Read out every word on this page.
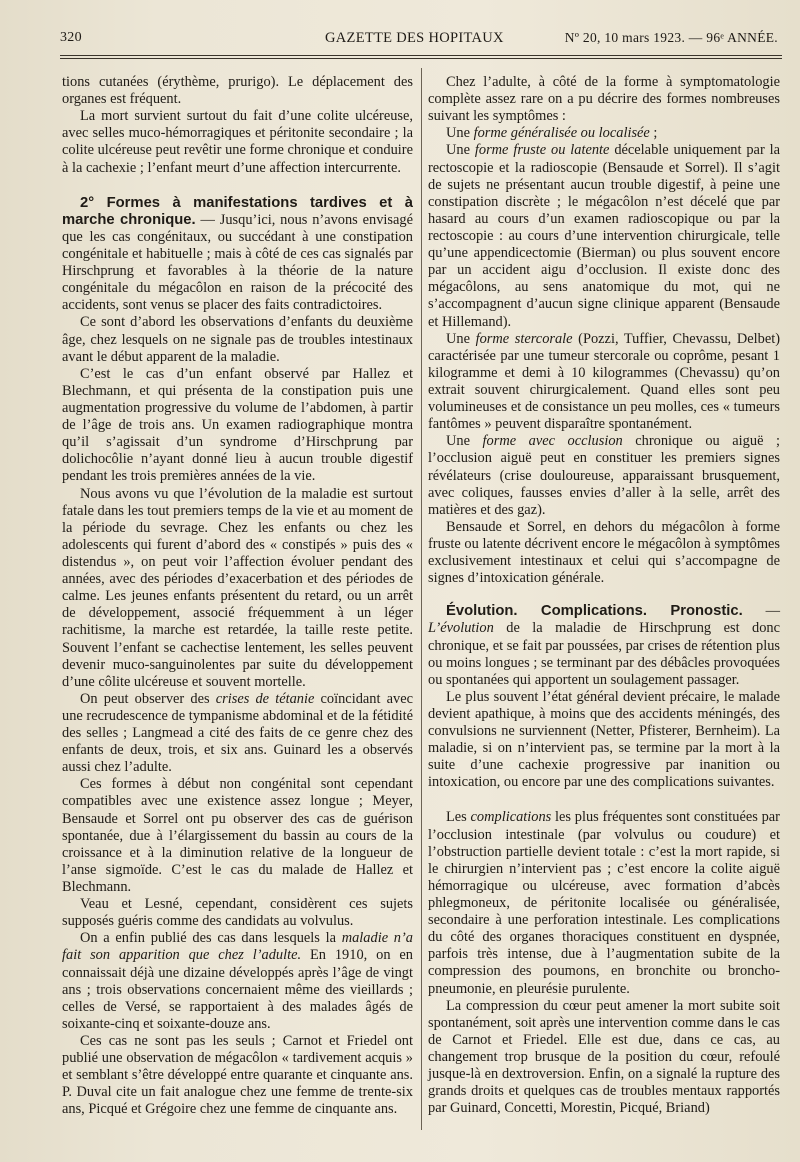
320	GAZETTE DES HOPITAUX	Nº 20, 10 mars 1923. — 96ᵉ ANNÉE.

tions cutanées (érythème, prurigo). Le déplacement des organes est fréquent.

La mort survient surtout du fait d’une colite ulcéreuse, avec selles muco-hémorragiques et péritonite secondaire ; la colite ulcéreuse peut revêtir une forme chronique et conduire à la cachexie ; l’enfant meurt d’une affection intercurrente.

2° Formes à manifestations tardives et à marche chronique. — Jusqu’ici, nous n’avons envisagé que les cas congénitaux, ou succédant à une constipation congénitale et habituelle ; mais à côté de ces cas signalés par Hirschprung et favorables à la théorie de la nature congénitale du mégacôlon en raison de la précocité des accidents, sont venus se placer des faits contradictoires.

Ce sont d’abord les observations d’enfants du deuxième âge, chez lesquels on ne signale pas de troubles intestinaux avant le début apparent de la maladie.

C’est le cas d’un enfant observé par Hallez et Blechmann, et qui présenta de la constipation puis une augmentation progressive du volume de l’abdomen, à partir de l’âge de trois ans. Un examen radiographique montra qu’il s’agissait d’un syndrome d’Hirschprung par dolichocôlie n’ayant donné lieu à aucun trouble digestif pendant les trois premières années de la vie.

Nous avons vu que l’évolution de la maladie est surtout fatale dans les tout premiers temps de la vie et au moment de la période du sevrage. Chez les enfants ou chez les adolescents qui furent d’abord des « constipés » puis des « distendus », on peut voir l’affection évoluer pendant des années, avec des périodes d’exacerbation et des périodes de calme. Les jeunes enfants présentent du retard, ou un arrêt de développement, associé fréquemment à un léger rachitisme, la marche est retardée, la taille reste petite. Souvent l’enfant se cachectise lentement, les selles peuvent devenir muco-sanguinolentes par suite du développement d’une côlite ulcéreuse et souvent mortelle.

On peut observer des crises de tétanie coïncidant avec une recrudescence de tympanisme abdominal et de la fétidité des selles ; Langmead a cité des faits de ce genre chez des enfants de deux, trois, et six ans. Guinard les a observés aussi chez l’adulte.

Ces formes à début non congénital sont cependant compatibles avec une existence assez longue ; Meyer, Bensaude et Sorrel ont pu observer des cas de guérison spontanée, due à l’élargissement du bassin au cours de la croissance et à la diminution relative de la longueur de l’anse sigmoïde. C’est le cas du malade de Hallez et Blechmann.

Veau et Lesné, cependant, considèrent ces sujets supposés guéris comme des candidats au volvulus.

On a enfin publié des cas dans lesquels la maladie n’a fait son apparition que chez l’adulte. En 1910, on en connaissait déjà une dizaine développés après l’âge de vingt ans ; trois observations concernaient même des vieillards ; celles de Versé, se rapportaient à des malades âgés de soixante-cinq et soixante-douze ans.

Ces cas ne sont pas les seuls ; Carnot et Friedel ont publié une observation de mégacôlon « tardivement acquis » et semblant s’être développé entre quarante et cinquante ans. P. Duval cite un fait analogue chez une femme de trente-six ans, Picqué et Grégoire chez une femme de cinquante ans.

Chez l’adulte, à côté de la forme à symptomatologie complète assez rare on a pu décrire des formes nombreuses suivant les symptômes :

Une forme généralisée ou localisée ;

Une forme fruste ou latente décelable uniquement par la rectoscopie et la radioscopie (Bensaude et Sorrel). Il s’agit de sujets ne présentant aucun trouble digestif, à peine une constipation discrète ; le mégacôlon n’est décelé que par hasard au cours d’un examen radioscopique ou par la rectoscopie : au cours d’une intervention chirurgicale, telle qu’une appendicectomie (Bierman) ou plus souvent encore par un accident aigu d’occlusion. Il existe donc des mégacôlons, au sens anatomique du mot, qui ne s’accompagnent d’aucun signe clinique apparent (Bensaude et Hillemand).

Une forme stercorale (Pozzi, Tuffier, Chevassu, Delbet) caractérisée par une tumeur stercorale ou coprôme, pesant 1 kilogramme et demi à 10 kilogrammes (Chevassu) qu’on extrait souvent chirurgicalement. Quand elles sont peu volumineuses et de consistance un peu molles, ces « tumeurs fantômes » peuvent disparaître spontanément.

Une forme avec occlusion chronique ou aiguë ; l’occlusion aiguë peut en constituer les premiers signes révélateurs (crise douloureuse, apparaissant brusquement, avec coliques, fausses envies d’aller à la selle, arrêt des matières et des gaz).

Bensaude et Sorrel, en dehors du mégacôlon à forme fruste ou latente décrivent encore le mégacôlon à symptômes exclusivement intestinaux et celui qui s’accompagne de signes d’intoxication générale.

Évolution. Complications. Pronostic. — L’évolution de la maladie de Hirschprung est donc chronique, et se fait par poussées, par crises de rétention plus ou moins longues ; se terminant par des débâcles provoquées ou spontanées qui apportent un soulagement passager.

Le plus souvent l’état général devient précaire, le malade devient apathique, à moins que des accidents méningés, des convulsions ne surviennent (Netter, Pfisterer, Bernheim). La maladie, si on n’intervient pas, se termine par la mort à la suite d’une cachexie progressive par inanition ou intoxication, ou encore par une des complications suivantes.

Les complications les plus fréquentes sont constituées par l’occlusion intestinale (par volvulus ou coudure) et l’obstruction partielle devient totale : c’est la mort rapide, si le chirurgien n’intervient pas ; c’est encore la colite aiguë hémorragique ou ulcéreuse, avec formation d’abcès phlegmoneux, de péritonite localisée ou généralisée, secondaire à une perforation intestinale. Les complications du côté des organes thoraciques constituent en dyspnée, parfois très intense, due à l’augmentation subite de la compression des poumons, en bronchite ou broncho-pneumonie, en pleurésie purulente.

La compression du cœur peut amener la mort subite soit spontanément, soit après une intervention comme dans le cas de Carnot et Friedel. Elle est due, dans ce cas, au changement trop brusque de la position du cœur, refoulé jusque-là en dextroversion. Enfin, on a signalé la rupture des grands droits et quelques cas de troubles mentaux rapportés par Guinard, Concetti, Morestin, Picqué, Briand)
